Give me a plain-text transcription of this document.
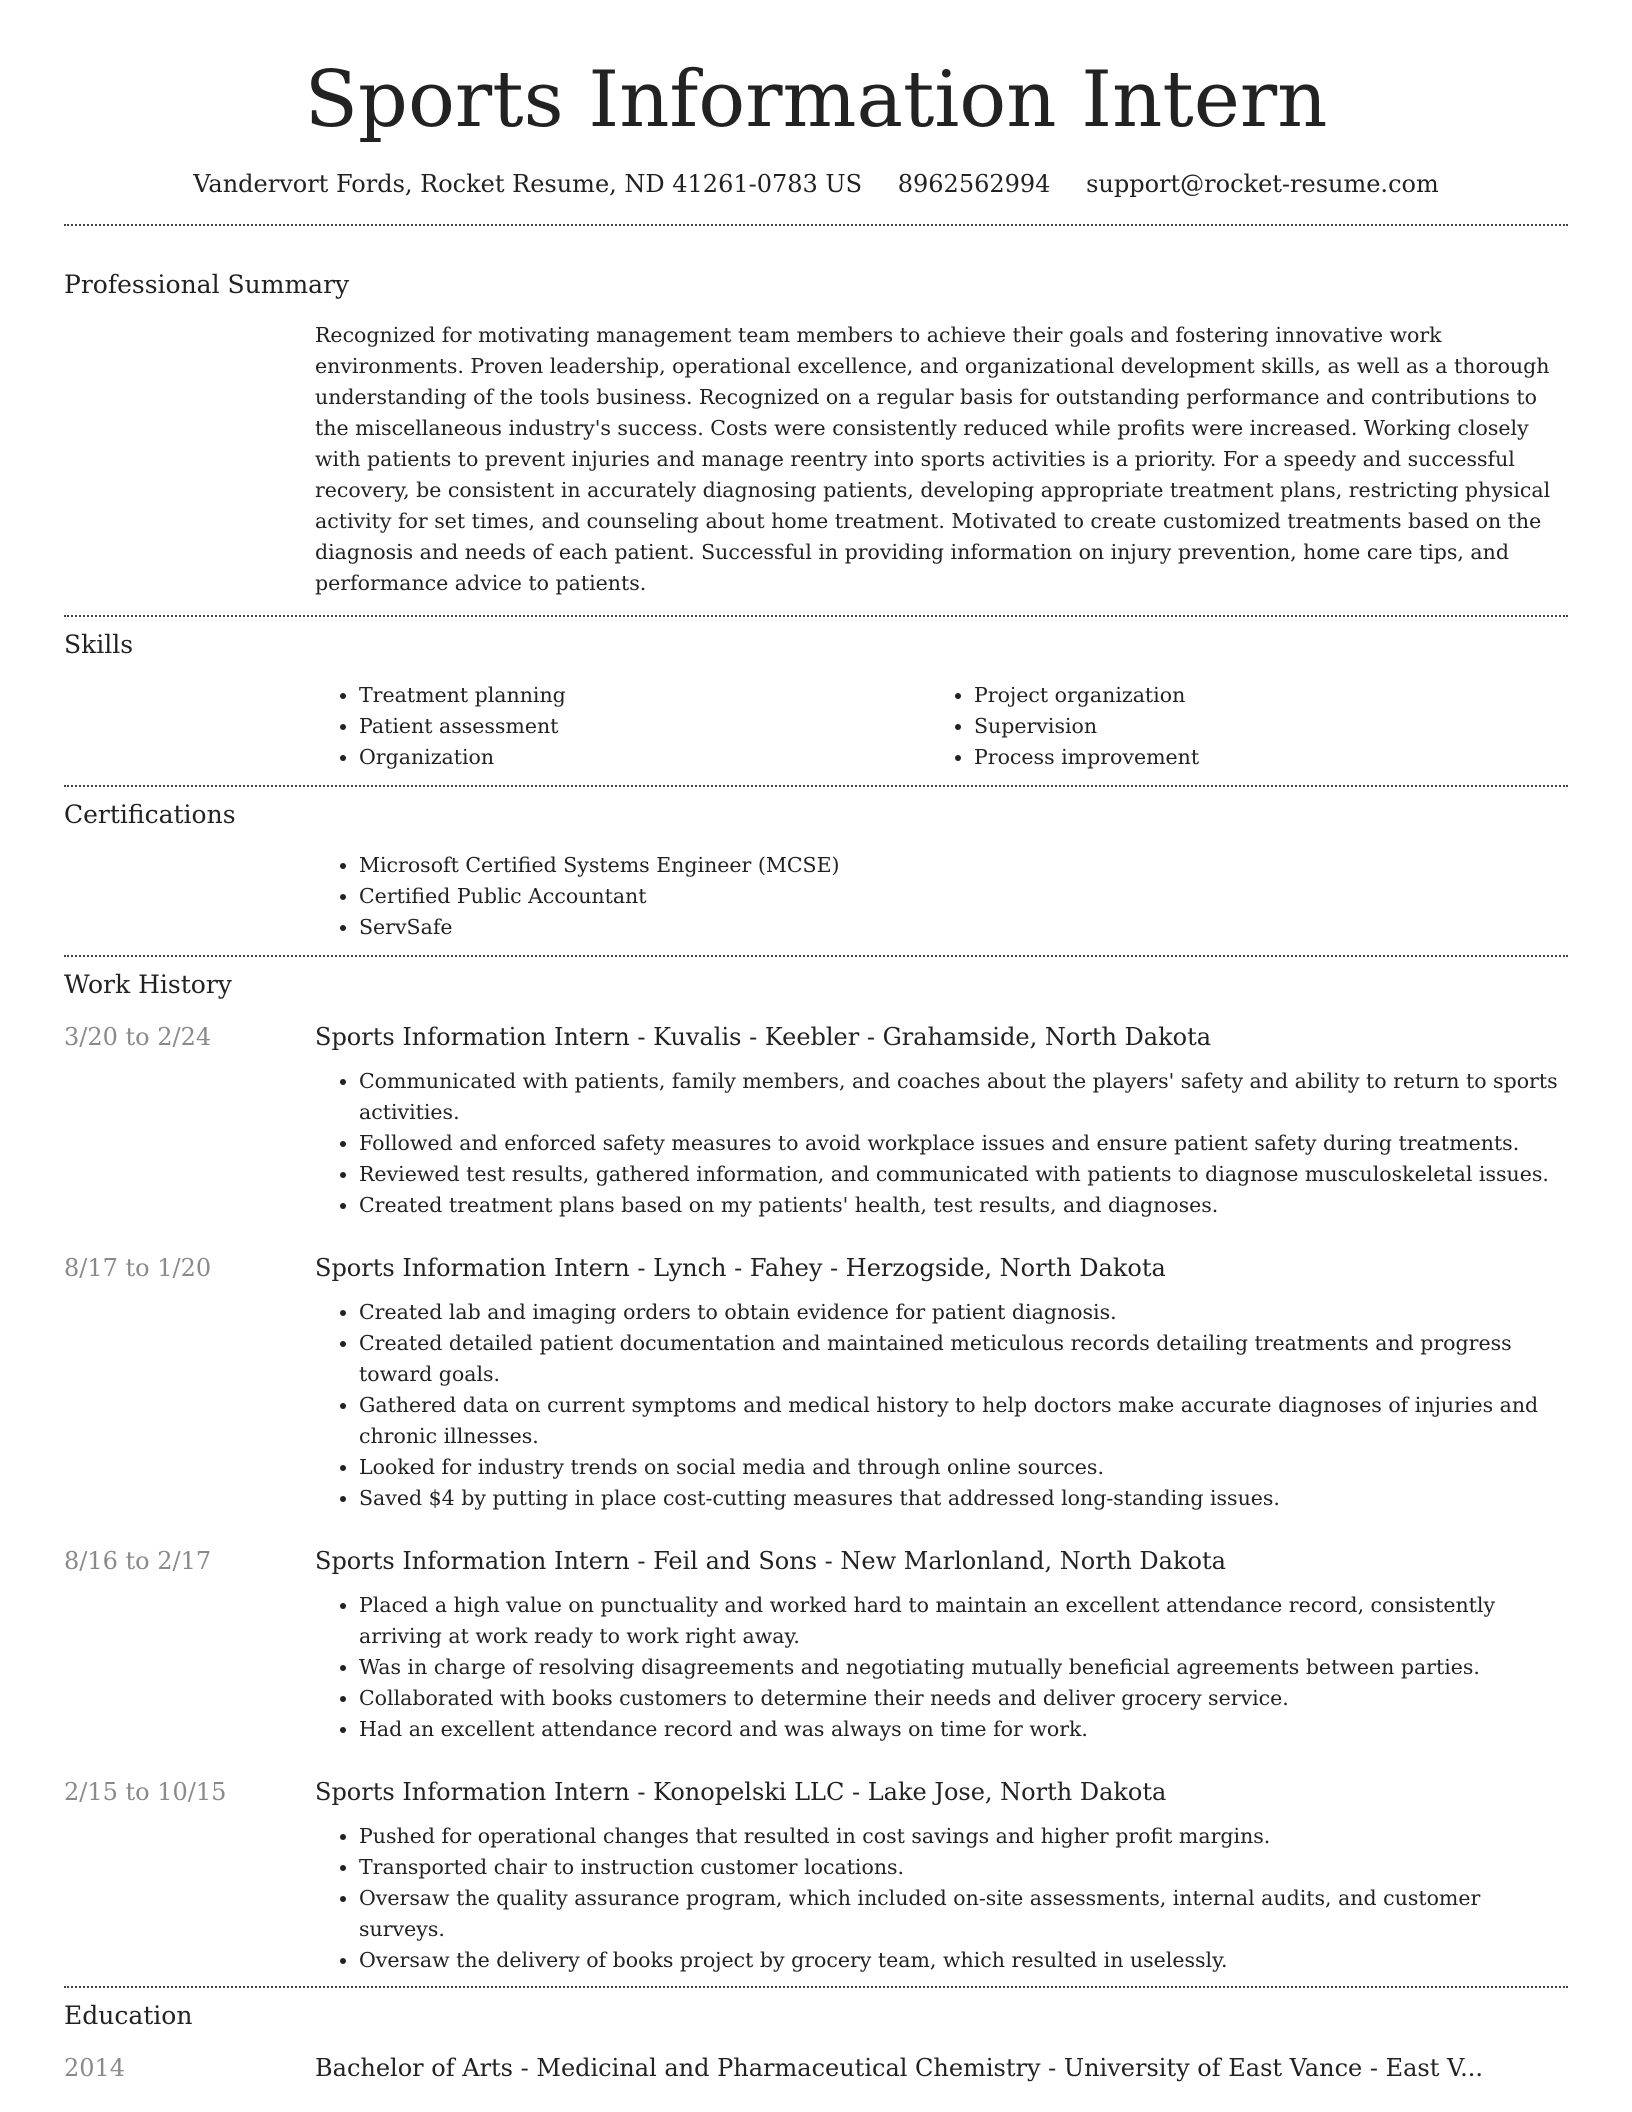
Sports Information Intern
Vandervort Fords, Rocket Resume, ND 41261-0783 US 8962562994 support@rocket-resume.com
Professional Summary
Recognized for motivating management team members to achieve their goals and fostering innovative work environments. Proven leadership, operational excellence, and organizational development skills, as well as a thorough understanding of the tools business. Recognized on a regular basis for outstanding performance and contributions to the miscellaneous industry's success. Costs were consistently reduced while profits were increased. Working closely with patients to prevent injuries and manage reentry into sports activities is a priority. For a speedy and successful recovery, be consistent in accurately diagnosing patients, developing appropriate treatment plans, restricting physical activity for set times, and counseling about home treatment. Motivated to create customized treatments based on the diagnosis and needs of each patient. Successful in providing information on injury prevention, home care tips, and performance advice to patients.
Skills
• Treatment planning
• Patient assessment
• Organization
• Project organization
• Supervision
• Process improvement
Certifications
• Microsoft Certified Systems Engineer (MCSE)
• Certified Public Accountant
• ServSafe
Work History
3/20 to 2/24	Sports Information Intern - Kuvalis - Keebler - Grahamside, North Dakota
• Communicated with patients, family members, and coaches about the players' safety and ability to return to sports activities.
• Followed and enforced safety measures to avoid workplace issues and ensure patient safety during treatments.
• Reviewed test results, gathered information, and communicated with patients to diagnose musculoskeletal issues.
• Created treatment plans based on my patients' health, test results, and diagnoses.
8/17 to 1/20	Sports Information Intern - Lynch - Fahey - Herzogside, North Dakota
• Created lab and imaging orders to obtain evidence for patient diagnosis.
• Created detailed patient documentation and maintained meticulous records detailing treatments and progress toward goals.
• Gathered data on current symptoms and medical history to help doctors make accurate diagnoses of injuries and chronic illnesses.
• Looked for industry trends on social media and through online sources.
• Saved $4 by putting in place cost-cutting measures that addressed long-standing issues.
8/16 to 2/17	Sports Information Intern - Feil and Sons - New Marlonland, North Dakota
• Placed a high value on punctuality and worked hard to maintain an excellent attendance record, consistently arriving at work ready to work right away.
• Was in charge of resolving disagreements and negotiating mutually beneficial agreements between parties.
• Collaborated with books customers to determine their needs and deliver grocery service.
• Had an excellent attendance record and was always on time for work.
2/15 to 10/15	Sports Information Intern - Konopelski LLC - Lake Jose, North Dakota
• Pushed for operational changes that resulted in cost savings and higher profit margins.
• Transported chair to instruction customer locations.
• Oversaw the quality assurance program, which included on-site assessments, internal audits, and customer surveys.
• Oversaw the delivery of books project by grocery team, which resulted in uselessly.
Education
2014	Bachelor of Arts - Medicinal and Pharmaceutical Chemistry - University of East Vance - East V...
